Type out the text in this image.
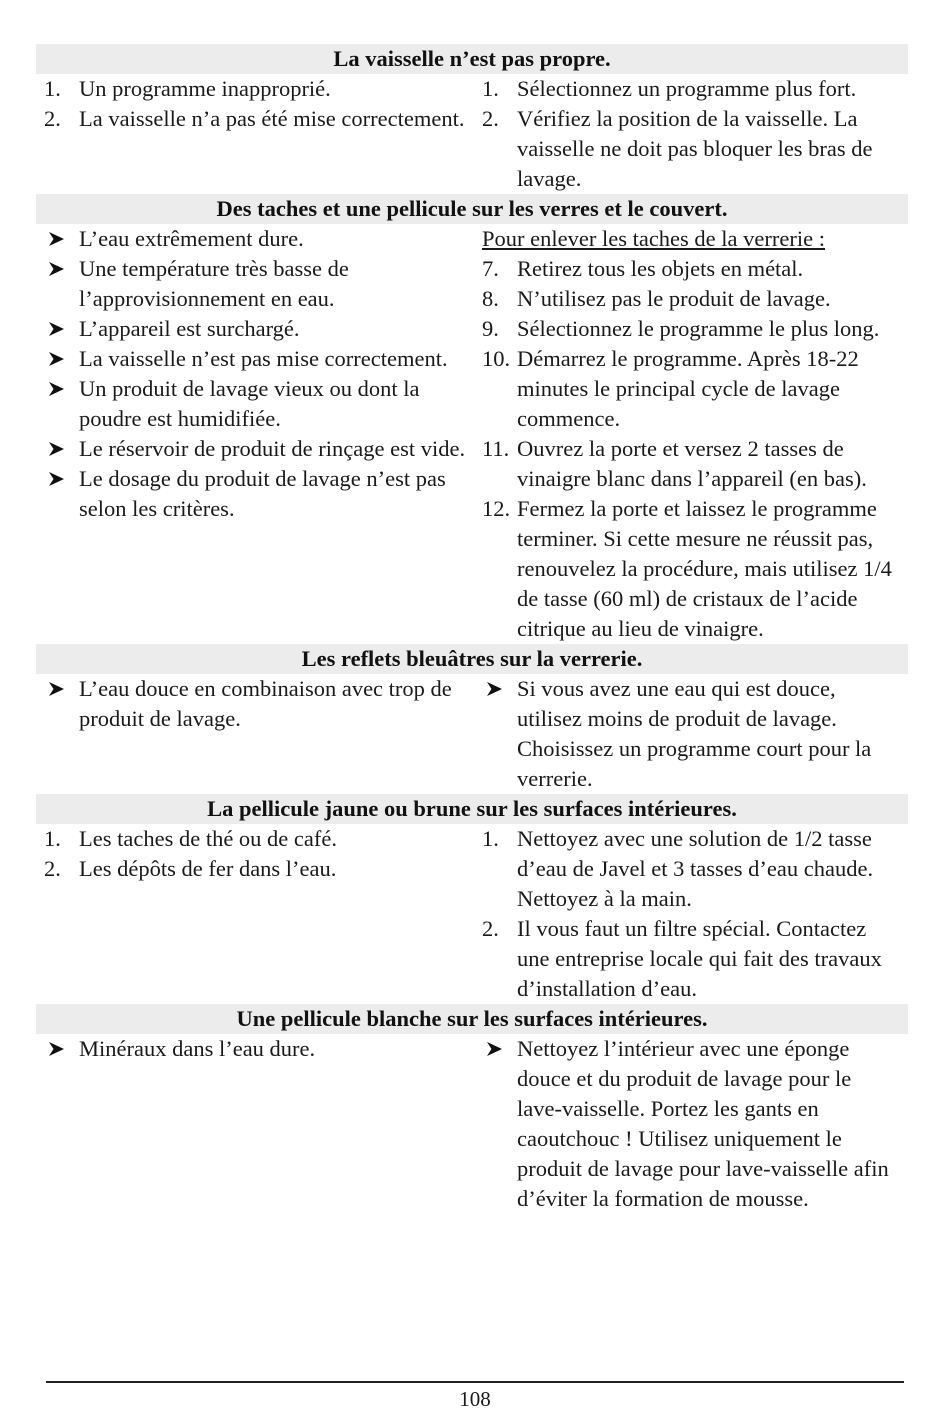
La vaisselle n’est pas propre.
1. Un programme inapproprié.
2. La vaisselle n’a pas été mise correctement.
1. Sélectionnez un programme plus fort.
2. Vérifiez la position de la vaisselle. La vaisselle ne doit pas bloquer les bras de lavage.
Des taches et une pellicule sur les verres et le couvert.
L’eau extrêmement dure.
Une température très basse de l’approvisionnement en eau.
L’appareil est surchargé.
La vaisselle n’est pas mise correctement.
Un produit de lavage vieux ou dont la poudre est humidifiée.
Le réservoir de produit de rinçage est vide.
Le dosage du produit de lavage n’est pas selon les critères.
Pour enlever les taches de la verrerie :
7. Retirez tous les objets en métal.
8. N’utilisez pas le produit de lavage.
9. Sélectionnez le programme le plus long.
10. Démarrez le programme. Après 18-22 minutes le principal cycle de lavage commence.
11. Ouvrez la porte et versez 2 tasses de vinaigre blanc dans l’appareil (en bas).
12. Fermez la porte et laissez le programme terminer. Si cette mesure ne réussit pas, renouvelez la procédure, mais utilisez 1/4 de tasse (60 ml) de cristaux de l’acide citrique au lieu de vinaigre.
Les reflets bleuâtres sur la verrerie.
L’eau douce en combinaison avec trop de produit de lavage.
Si vous avez une eau qui est douce, utilisez moins de produit de lavage. Choisissez un programme court pour la verrerie.
La pellicule jaune ou brune sur les surfaces intérieures.
1. Les taches de thé ou de café.
2. Les dépôts de fer dans l’eau.
1. Nettoyez avec une solution de 1/2 tasse d’eau de Javel et 3 tasses d’eau chaude. Nettoyez à la main.
2. Il vous faut un filtre spécial. Contactez une entreprise locale qui fait des travaux d’installation d’eau.
Une pellicule blanche sur les surfaces intérieures.
Minéraux dans l’eau dure.	Nettoyez l’intérieur avec une éponge douce et du produit de lavage pour le lave-vaisselle. Portez les gants en caoutchouc ! Utilisez uniquement le produit de lavage pour lave-vaisselle afin d’éviter la formation de mousse.
108
